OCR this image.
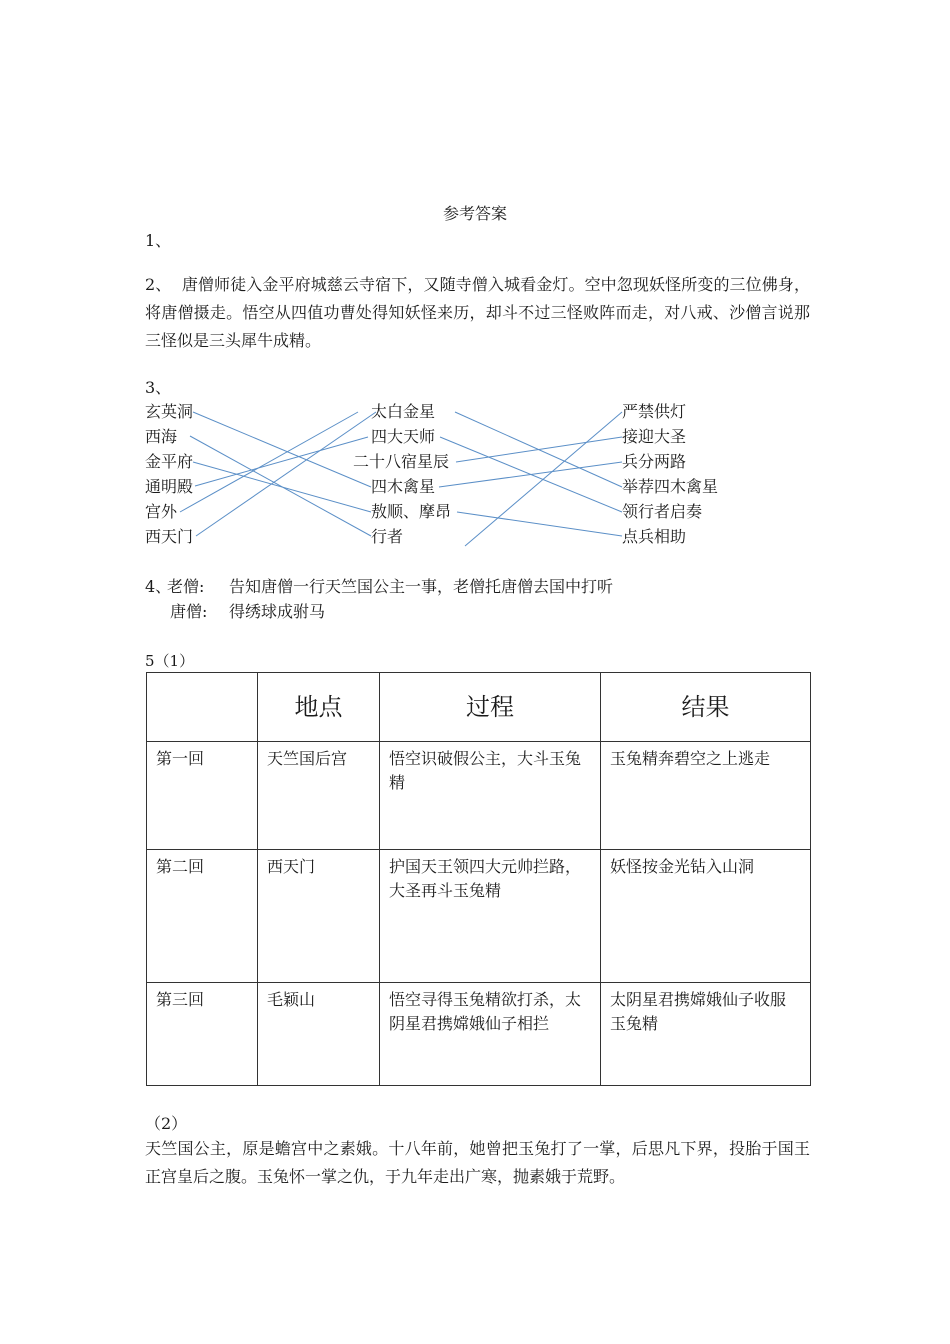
参考答案
1、
2、 唐僧师徒入金平府城慈云寺宿下，又随寺僧入城看金灯。空中忽现妖怪所变的三位佛身，将唐僧摄走。悟空从四值功曹处得知妖怪来历，却斗不过三怪败阵而走，对八戒、沙僧言说那三怪似是三头犀牛成精。
3、
玄英洞
西海
金平府
通明殿
宫外
西天门
太白金星
四大天师
二十八宿星辰
四木禽星
敖顺、摩昂
行者
严禁供灯
接迎大圣
兵分两路
举荐四木禽星
领行者启奏
点兵相助
4、
老僧: 告知唐僧一行天竺国公主一事，老僧托唐僧去国中打听
唐僧: 得绣球成驸马
5（1）
	地点	过程	结果
第一回	天竺国后宫	悟空识破假公主，大斗玉兔精	玉兔精奔碧空之上逃走
第二回	西天门	护国天王领四大元帅拦路，大圣再斗玉兔精	妖怪按金光钻入山洞
第三回	毛颖山	悟空寻得玉兔精欲打杀，太阴星君携嫦娥仙子相拦	太阴星君携嫦娥仙子收服玉兔精
（2）
天竺国公主，原是蟾宫中之素娥。十八年前，她曾把玉兔打了一掌，后思凡下界，投胎于国王正宫皇后之腹。玉兔怀一掌之仇，于九年走出广寒，抛素娥于荒野。
